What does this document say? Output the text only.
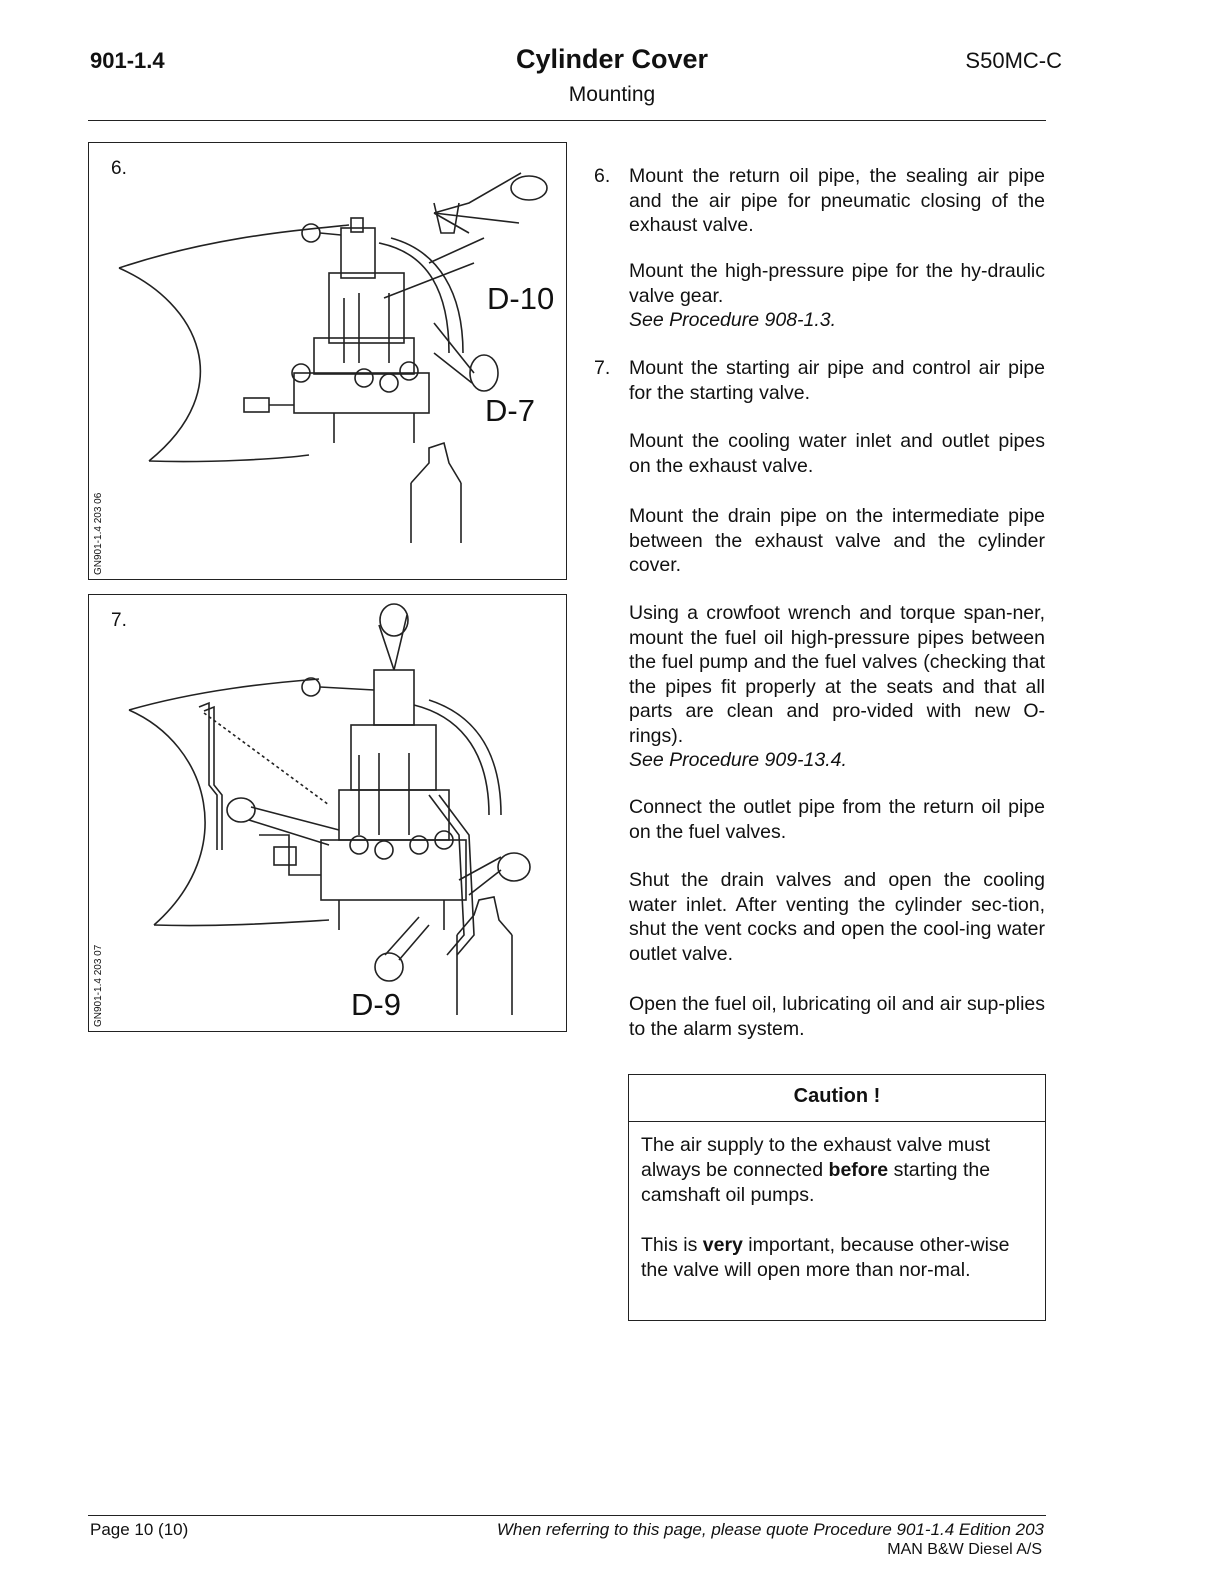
901-1.4	Cylinder Cover
Mounting
S50MC-C
6.
D-10
D-7
GN901-1.4 203 06
7.
D-9
GN901-1.4 203 07
6.
7.

Mount the return oil pipe, the sealing air pipe and the air pipe for pneumatic closing of the exhaust valve.

Mount the high-pressure pipe for the hy-draulic valve gear.
See Procedure 908-1.3.

Mount the starting air pipe and control air pipe for the starting valve.

Mount the cooling water inlet and outlet pipes on the exhaust valve.

Mount the drain pipe on the intermediate pipe between the exhaust valve and the cylinder cover.

Using a crowfoot wrench and torque span-ner, mount the fuel oil high-pressure pipes between the fuel pump and the fuel valves (checking that the pipes fit properly at the seats and that all parts are clean and pro-vided with new O-rings).
See Procedure 909-13.4.

Connect the outlet pipe from the return oil pipe on the fuel valves.

Shut the drain valves and open the cooling water inlet. After venting the cylinder sec-tion, shut the vent cocks and open the cool-ing water outlet valve.

Open the fuel oil, lubricating oil and air sup-plies to the alarm system.

Caution !

The air supply to the exhaust valve must always be connected before starting the camshaft oil pumps.

This is very important, because other-wise the valve will open more than nor-mal.

Page 10 (10)	When referring to this page, please quote Procedure 901-1.4 Edition 203
MAN B&W Diesel A/S
